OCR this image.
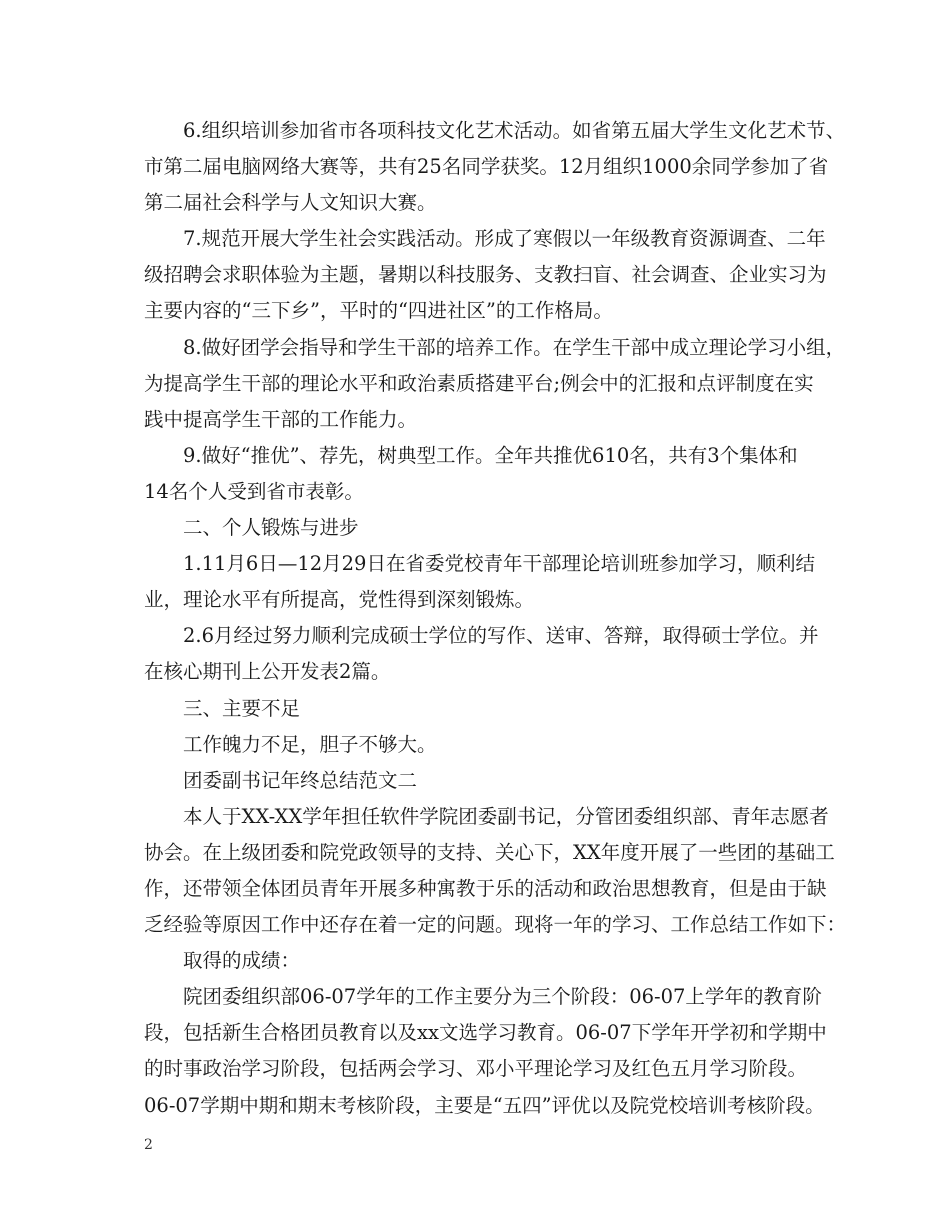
6.组织培训参加省市各项科技文化艺术活动。如省第五届大学生文化艺术节、
市第二届电脑网络大赛等，共有25名同学获奖。12月组织1000余同学参加了省
第二届社会科学与人文知识大赛。

7.规范开展大学生社会实践活动。形成了寒假以一年级教育资源调查、二年
级招聘会求职体验为主题，暑期以科技服务、支教扫盲、社会调查、企业实习为
主要内容的“三下乡”，平时的“四进社区”的工作格局。

8.做好团学会指导和学生干部的培养工作。在学生干部中成立理论学习小组，
为提高学生干部的理论水平和政治素质搭建平台;例会中的汇报和点评制度在实
践中提高学生干部的工作能力。

9.做好“推优”、荐先，树典型工作。全年共推优610名，共有3个集体和
14名个人受到省市表彰。

二、个人锻炼与进步

1.11月6日—12月29日在省委党校青年干部理论培训班参加学习，顺利结
业，理论水平有所提高，党性得到深刻锻炼。

2.6月经过努力顺利完成硕士学位的写作、送审、答辩，取得硕士学位。并
在核心期刊上公开发表2篇。

三、主要不足

工作魄力不足，胆子不够大。

团委副书记年终总结范文二

本人于XX-XX学年担任软件学院团委副书记，分管团委组织部、青年志愿者
协会。在上级团委和院党政领导的支持、关心下，XX年度开展了一些团的基础工
作，还带领全体团员青年开展多种寓教于乐的活动和政治思想教育，但是由于缺
乏经验等原因工作中还存在着一定的问题。现将一年的学习、工作总结工作如下：

取得的成绩：

院团委组织部06-07学年的工作主要分为三个阶段：06-07上学年的教育阶
段，包括新生合格团员教育以及xx文选学习教育。06-07下学年开学初和学期中
的时事政治学习阶段，包括两会学习、邓小平理论学习及红色五月学习阶段。
06-07学期中期和期末考核阶段，主要是“五四”评优以及院党校培训考核阶段。

2
